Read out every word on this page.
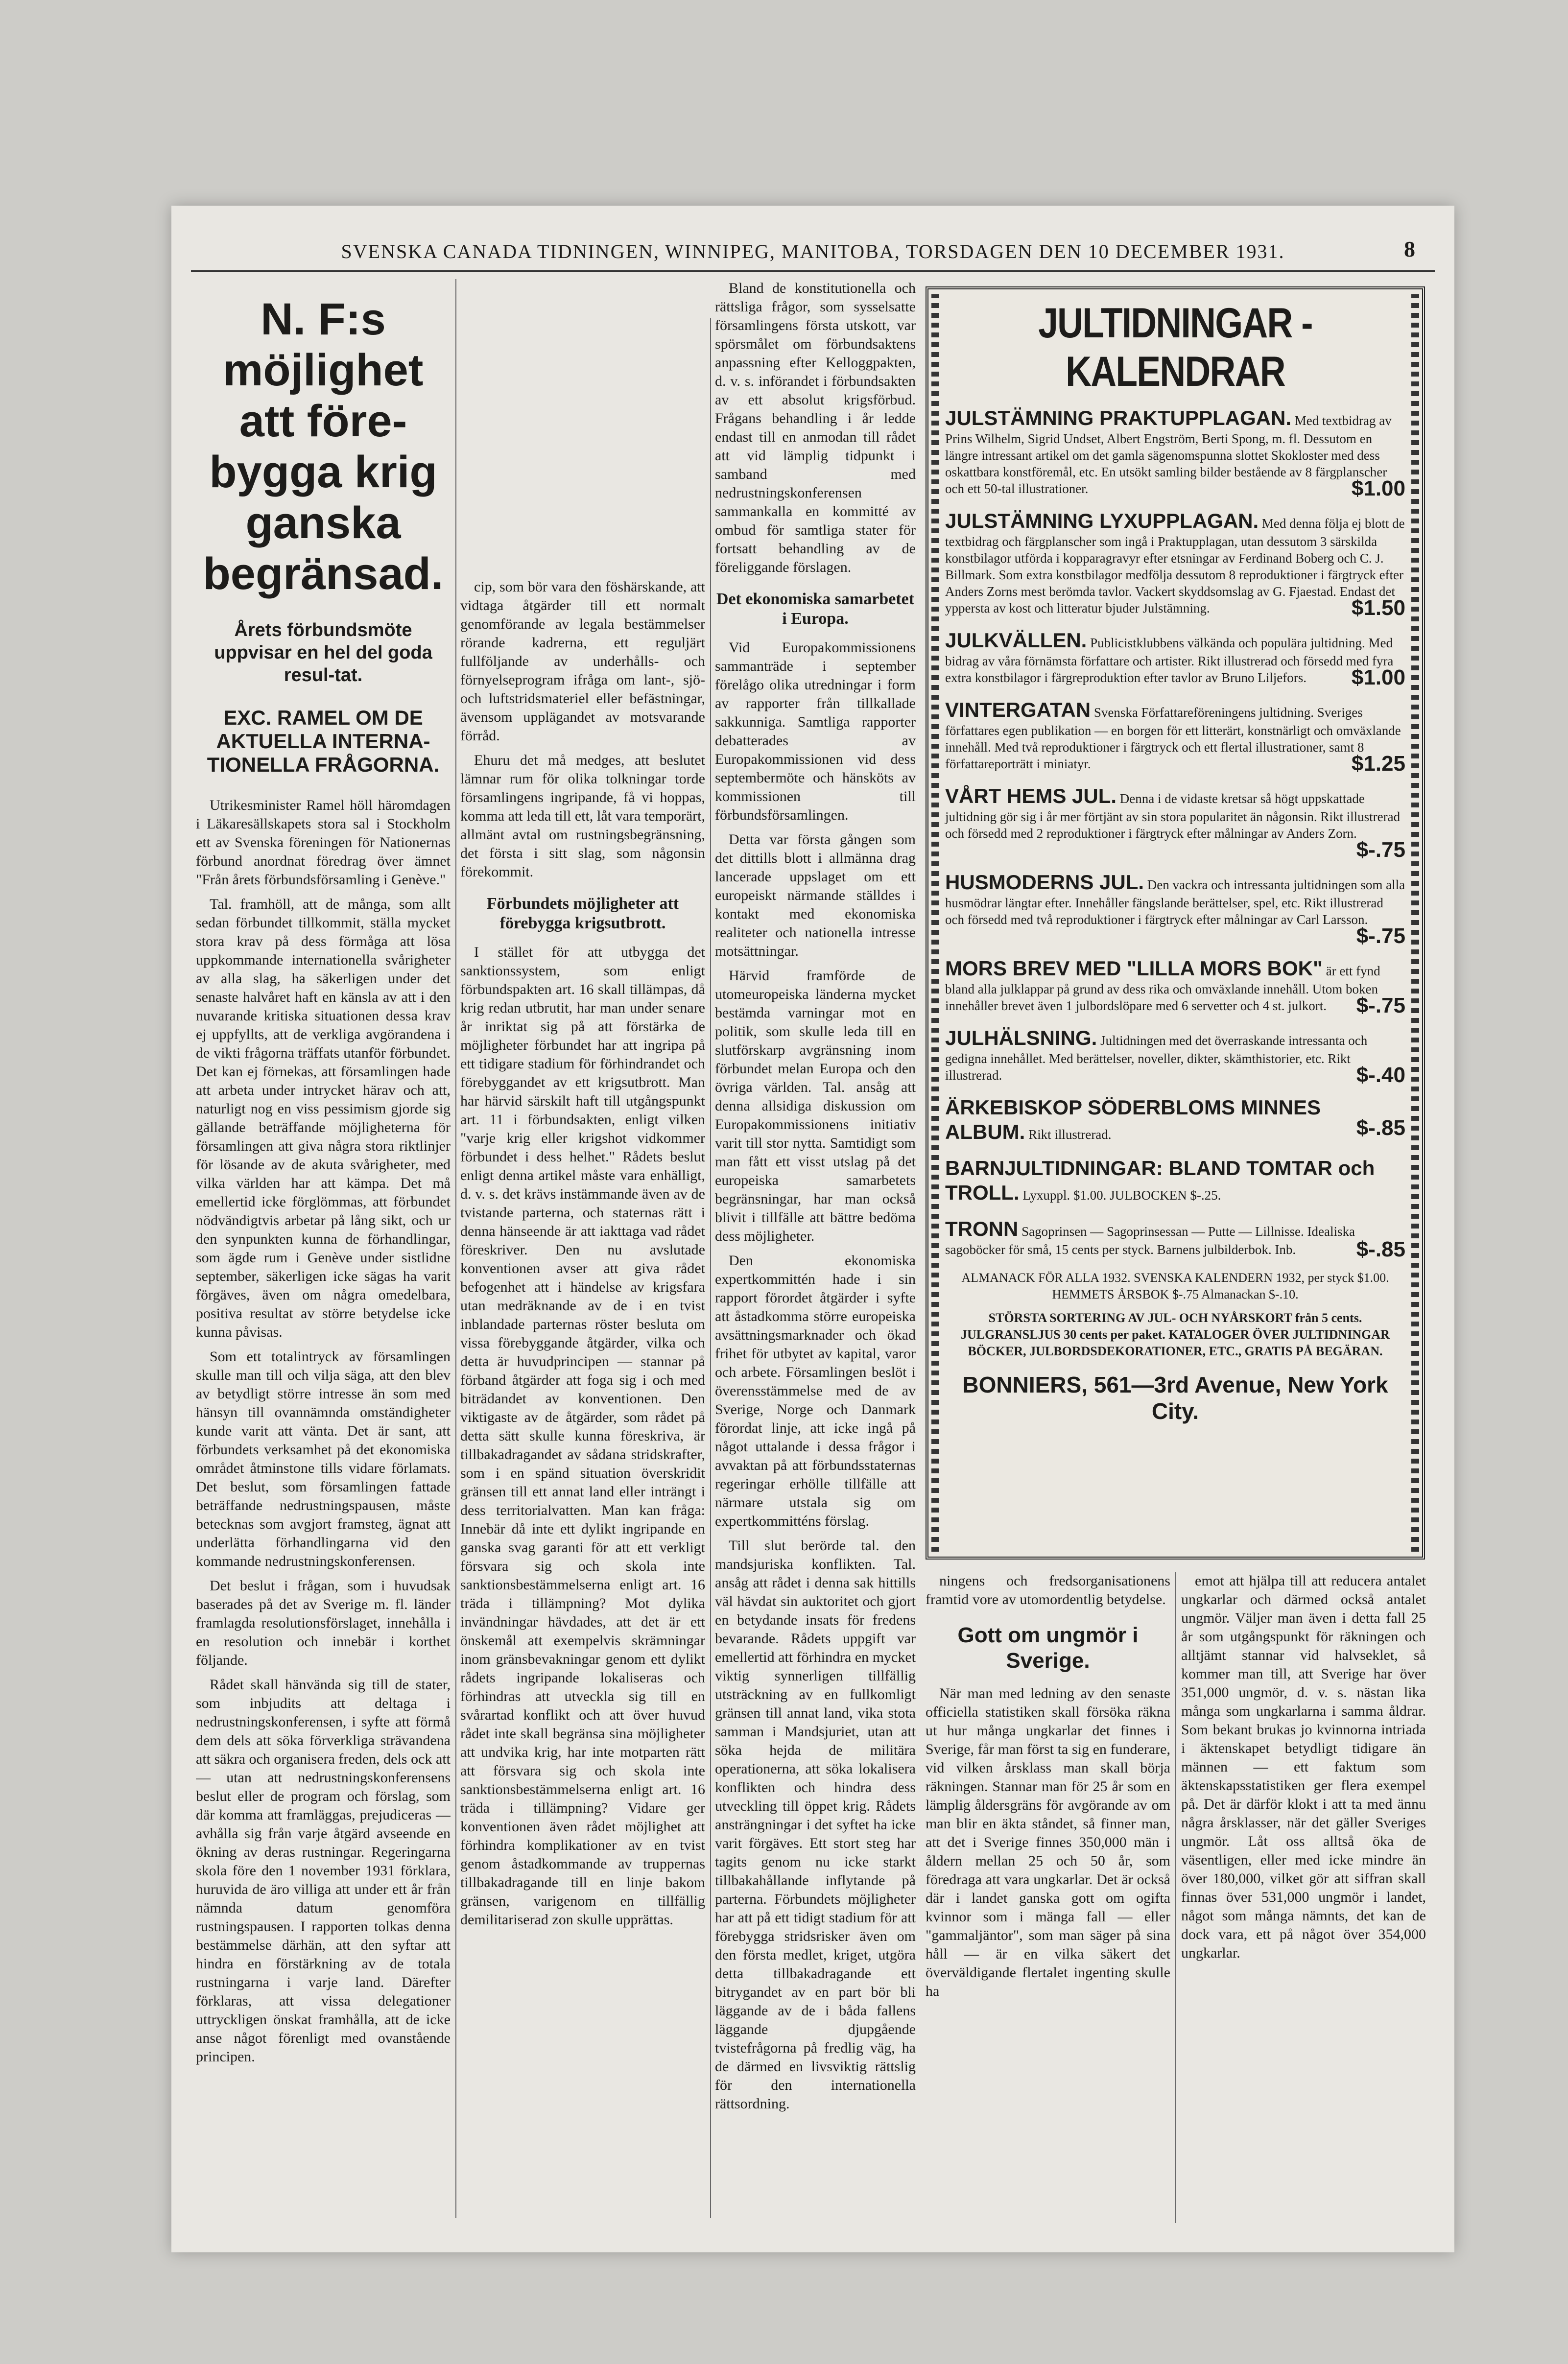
SVENSKA CANADA TIDNINGEN, WINNIPEG, MANITOBA, TORSDAGEN DEN 10 DECEMBER 1931.	8
N. F:s möjlighet att före-bygga krig ganska begränsad.
Årets förbundsmöte uppvisar en hel del goda resul-tat.
EXC. RAMEL OM DE AKTUELLA INTERNA-TIONELLA FRÅGORNA.

Utrikesminister Ramel höll häromdagen i Läkaresällskapets stora sal i Stockholm ett av Svenska föreningen för Nationernas förbund anordnat föredrag över ämnet "Från årets förbundsförsamling i Genève."

Tal. framhöll, att de många, som allt sedan förbundet tillkommit, ställa mycket stora krav på dess förmåga att lösa uppkommande internationella svårigheter av alla slag, ha säkerligen under det senaste halvåret haft en känsla av att i den nuvarande kritiska situationen dessa krav ej uppfyllts, att de verkliga avgörandena i de vikti frågorna träffats utanför förbundet. Det kan ej förnekas, att församlingen hade att arbeta under intrycket härav och att, naturligt nog en viss pessimism gjorde sig gällande beträffande möjligheterna för församlingen att giva några stora riktlinjer för lösande av de akuta svårigheter, med vilka världen har att kämpa. Det må emellertid icke förglömmas, att förbundet nödvändigtvis arbetar på lång sikt, och ur den synpunkten kunna de förhandlingar, som ägde rum i Genève under sistlidne september, säkerligen icke sägas ha varit förgäves, även om några omedelbara, positiva resultat av större betydelse icke kunna påvisas.

Som ett totalintryck av församlingen skulle man till och vilja säga, att den blev av betydligt större intresse än som med hänsyn till ovannämnda omständigheter kunde varit att vänta. Det är sant, att förbundets verksamhet på det ekonomiska området åtminstone tills vidare förlamats. Det beslut, som församlingen fattade beträffande nedrustningspausen, måste betecknas som avgjort framsteg, ägnat att underlätta förhandlingarna vid den kommande nedrustningskonferensen.

Det beslut i frågan, som i huvudsak baserades på det av Sverige m. fl. länder framlagda resolutionsförslaget, innehålla i en resolution och innebär i korthet följande.

Rådet skall hänvända sig till de stater, som inbjudits att deltaga i nedrustningskonferensen, i syfte att förmå dem dels att söka förverkliga strävandena att säkra och organisera freden, dels ock att — utan att nedrustningskonferensens beslut eller de program och förslag, som där komma att framläggas, prejudiceras — avhålla sig från varje åtgärd avseende en ökning av deras rustningar. Regeringarna skola före den 1 november 1931 förklara, huruvida de äro villiga att under ett år från nämnda datum genomföra rustningspausen. I rapporten tolkas denna bestämmelse därhän, att den syftar att hindra en förstärkning av de totala rustningarna i varje land. Därefter förklaras, att vissa delegationer uttryckligen önskat framhålla, att de icke anse något förenligt med ovanstående principen.

cip, som bör vara den föshärskande, att vidtaga åtgärder till ett normalt genomförande av legala bestämmelser rörande kadrerna, ett reguljärt fullföljande av underhålls- och förnyelseprogram ifråga om lant-, sjö- och luftstridsmateriel eller befästningar, ävensom upplägandet av motsvarande förråd.

Ehuru det må medges, att beslutet lämnar rum för olika tolkningar torde församlingens ingripande, få vi hoppas, komma att leda till ett, låt vara temporärt, allmänt avtal om rustningsbegränsning, det första i sitt slag, som någonsin förekommit.

Förbundets möjligheter att förebygga krigsutbrott.

I stället för att utbygga det sanktionssystem, som enligt förbundspakten art. 16 skall tillämpas, då krig redan utbrutit, har man under senare år inriktat sig på att förstärka de möjligheter förbundet har att ingripa på ett tidigare stadium för förhindrandet och förebyggandet av ett krigsutbrott. Man har härvid särskilt haft till utgångspunkt art. 11 i förbundsakten, enligt vilken "varje krig eller krigshot vidkommer förbundet i dess helhet." Rådets beslut enligt denna artikel måste vara enhälligt, d. v. s. det krävs instämmande även av de tvistande parterna, och staternas rätt i denna hänseende är att iakttaga vad rådet föreskriver. Den nu avslutade konventionen avser att giva rådet befogenhet att i händelse av krigsfara utan medräknande av de i en tvist inblandade parternas röster besluta om vissa förebyggande åtgärder, vilka och detta är huvudprincipen — stannar på förband åtgärder att foga sig i och med biträdandet av konventionen. Den viktigaste av de åtgärder, som rådet på detta sätt skulle kunna föreskriva, är tillbakadragandet av sådana stridskrafter, som i en spänd situation överskridit gränsen till ett annat land eller inträngt i dess territorialvatten. Man kan fråga: Innebär då inte ett dylikt ingripande en ganska svag garanti för att ett verkligt försvara sig och skola inte sanktionsbestämmelserna enligt art. 16 träda i tillämpning? Mot dylika invändningar hävdades, att det är ett önskemål att exempelvis skrämningar inom gränsbevakningar genom ett dylikt rådets ingripande lokaliseras och förhindras att utveckla sig till en svårartad konflikt och att över huvud rådet inte skall begränsa sina möjligheter att undvika krig, har inte motparten rätt att försvara sig och skola inte sanktionsbestämmelserna enligt art. 16 träda i tillämpning? Vidare ger konventionen även rådet möjlighet att förhindra komplikationer av en tvist genom åstadkommande av truppernas tillbakadragande till en linje bakom gränsen, varigenom en tillfällig demilitariserad zon skulle upprättas.

Bland de konstitutionella och rättsliga frågor, som sysselsatte församlingens första utskott, var spörsmålet om förbundsaktens anpassning efter Kelloggpakten, d. v. s. införandet i förbundsakten av ett absolut krigsförbud. Frågans behandling i år ledde endast till en anmodan till rådet att vid lämplig tidpunkt i samband med nedrustningskonferensen sammankalla en kommitté av ombud för samtliga stater för fortsatt behandling av de föreliggande förslagen.

Det ekonomiska samarbetet i Europa.

Vid Europakommissionens sammanträde i september förelågo olika utredningar i form av rapporter från tillkallade sakkunniga. Samtliga rapporter debatterades av Europakommissionen vid dess septembermöte och hänsköts av kommissionen till förbundsförsamlingen.

Detta var första gången som det dittills blott i allmänna drag lancerade uppslaget om ett europeiskt närmande ställdes i kontakt med ekonomiska realiteter och nationella intresse motsättningar.

Härvid framförde de utomeuropeiska länderna mycket bestämda varningar mot en politik, som skulle leda till en slutförskarp avgränsning inom förbundet melan Europa och den övriga världen. Tal. ansåg att denna allsidiga diskussion om Europakommissionens initiativ varit till stor nytta. Samtidigt som man fått ett visst utslag på det europeiska samarbetets begränsningar, har man också blivit i tillfälle att bättre bedöma dess möjligheter.

Den ekonomiska expertkommittén hade i sin rapport förordet åtgärder i syfte att åstadkomma större europeiska avsättningsmarknader och ökad frihet för utbytet av kapital, varor och arbete. Församlingen beslöt i överensstämmelse med de av Sverige, Norge och Danmark förordat linje, att icke ingå på något uttalande i dessa frågor i avvaktan på att förbundsstaternas regeringar erhölle tillfälle att närmare utstala sig om expertkommitténs förslag.

Till slut berörde tal. den mandsjuriska konflikten. Tal. ansåg att rådet i denna sak hittills väl hävdat sin auktoritet och gjort en betydande insats för fredens bevarande. Rådets uppgift var emellertid att förhindra en mycket viktig synnerligen tillfällig utsträckning av en fullkomligt gränsen till annat land, vika stota samman i Mandsjuriet, utan att söka hejda de militära operationerna, att söka lokalisera konflikten och hindra dess utveckling till öppet krig. Rådets ansträngningar i det syftet ha icke varit förgäves. Ett stort steg har tagits genom nu icke starkt tillbakahållande inflytande på parterna. Förbundets möjligheter har att på ett tidigt stadium för att förebygga stridsrisker även om den första medlet, kriget, utgöra detta tillbakadragande ett bitrygandet av en part bör bli läggande av de i båda fallens läggande djupgående tvistefrågorna på fredlig väg, ha de därmed en livsviktig rättslig för den internationella rättsordning.

JULTIDNINGAR - KALENDRAR
JULSTÄMNING PRAKTUPPLAGAN. Med textbidrag av Prins Wilhelm, Sigrid Undset, Albert Engström, Berti Spong, m. fl. Dessutom en längre intressant artikel om det gamla sägenomspunna slottet Skokloster med dess oskattbara konstföremål, etc. En utsökt samling bilder bestående av 8 färgplanscher och ett 50-tal illustrationer.	$1.00
JULSTÄMNING LYXUPPLAGAN. Med denna följa ej blott de textbidrag och färgplanscher som ingå i Praktupplagan, utan dessutom 3 särskilda konstbilagor utförda i kopparagravyr efter etsningar av Ferdinand Boberg och C. J. Billmark. Som extra konstbilagor medfölja dessutom 8 reproduktioner i färgtryck efter Anders Zorns mest berömda tavlor. Vackert skyddsomslag av G. Fjaestad. Endast det yppersta av kost och litteratur bjuder Julstämning.	$1.50
JULKVÄLLEN. Publicistklubbens välkända och populära jultidning. Med bidrag av våra förnämsta författare och artister. Rikt illustrerad och försedd med fyra extra konstbilagor i färgreproduktion efter tavlor av Bruno Liljefors. $1.00
VINTERGATAN Svenska Författareföreningens jultidning. Sveriges författares egen publikation — en borgen för ett litterärt, konstnärligt och omväxlande innehåll. Med två reproduktioner i färgtryck och ett flertal illustrationer, samt 8 författareporträtt i miniatyr.	$1.25
VÅRT HEMS JUL. Denna i de vidaste kretsar så högt uppskattade jultidning gör sig i år mer förtjänt av sin stora popularitet än någonsin. Rikt illustrerad och försedd med 2 reproduktioner i färgtryck efter målningar av Anders Zorn.
$-.75
HUSMODERNS JUL. Den vackra och intressanta jultidningen som alla husmödrar längtar efter. Innehåller fängslande berättelser, spel, etc. Rikt illustrerad och försedd med två reproduktioner i färgtryck efter målningar av Carl Larsson.
$-.75
MORS BREV MED "LILLA MORS BOK" är ett fynd bland alla julklappar på grund av dess rika och omväxlande innehåll. Utom boken innehåller brevet även 1 julbordslöpare med 6 servetter och 4 st. julkort. $-.75
JULHÄLSNING. Jultidningen med det överraskande intressanta och gedigna innehållet. Med berättelser, noveller, dikter, skämthistorier, etc. Rikt illustrerad.	$-.40
ÄRKEBISKOP SÖDERBLOMS MINNES ALBUM. Rikt illustrerad.	$-.85
BARNJULTIDNINGAR: BLAND TOMTAR och TROLL. Lyxuppl. $1.00. JULBOCKEN $-.25.
TRONN Sagoprinsen — Sagoprinsessan — Putte — Lillnisse. Idealiska sagoböcker för små, 15 cents per styck. Barnens julbilderbok. Inb.	$-.85
ALMANACK FÖR ALLA 1932. SVENSKA KALENDERN 1932, per styck $1.00. HEMMETS ÅRSBOK $-.75 Almanackan $-.10.
STÖRSTA SORTERING AV JUL- OCH NYÅRSKORT från 5 cents. JULGRANSLJUS 30 cents per paket. KATALOGER ÖVER JULTIDNINGAR BÖCKER, JULBORDSDEKORATIONER, ETC., GRATIS PÅ BEGÄRAN.
BONNIERS, 561—3rd Avenue, New York City.

ningens och fredsorganisationens framtid vore av utomordentlig betydelse.

Gott om ungmör i Sverige.

När man med ledning av den senaste officiella statistiken skall försöka räkna ut hur många ungkarlar det finnes i Sverige, får man först ta sig en funderare, vid vilken årsklass man skall börja räkningen. Stannar man för 25 år som en lämplig åldersgräns för avgörande av om man blir en äkta ståndet, så finner man, att det i Sverige finnes 350,000 män i åldern mellan 25 och 50 år, som föredraga att vara ungkarlar. Det är också där i landet ganska gott om ogifta kvinnor som i mänga fall — eller "gammaljäntor", som man säger på sina håll — är en vilka säkert det överväldigande flertalet ingenting skulle ha

emot att hjälpa till att reducera antalet ungkarlar och därmed också antalet ungmör. Väljer man även i detta fall 25 år som utgångspunkt för räkningen och alltjämt stannar vid halvseklet, så kommer man till, att Sverige har över 351,000 ungmör, d. v. s. nästan lika många som ungkarlarna i samma åldrar. Som bekant brukas jo kvinnorna intriada i äktenskapet betydligt tidigare än männen — ett faktum som äktenskapsstatistiken ger flera exempel på. Det är därför klokt i att ta med ännu några årsklasser, när det gäller Sveriges ungmör. Låt oss alltså öka de väsentligen, eller med icke mindre än över 180,000, vilket gör att siffran skall finnas över 531,000 ungmör i landet, något som många nämnts, det kan de dock vara, ett på något över 354,000 ungkarlar.
